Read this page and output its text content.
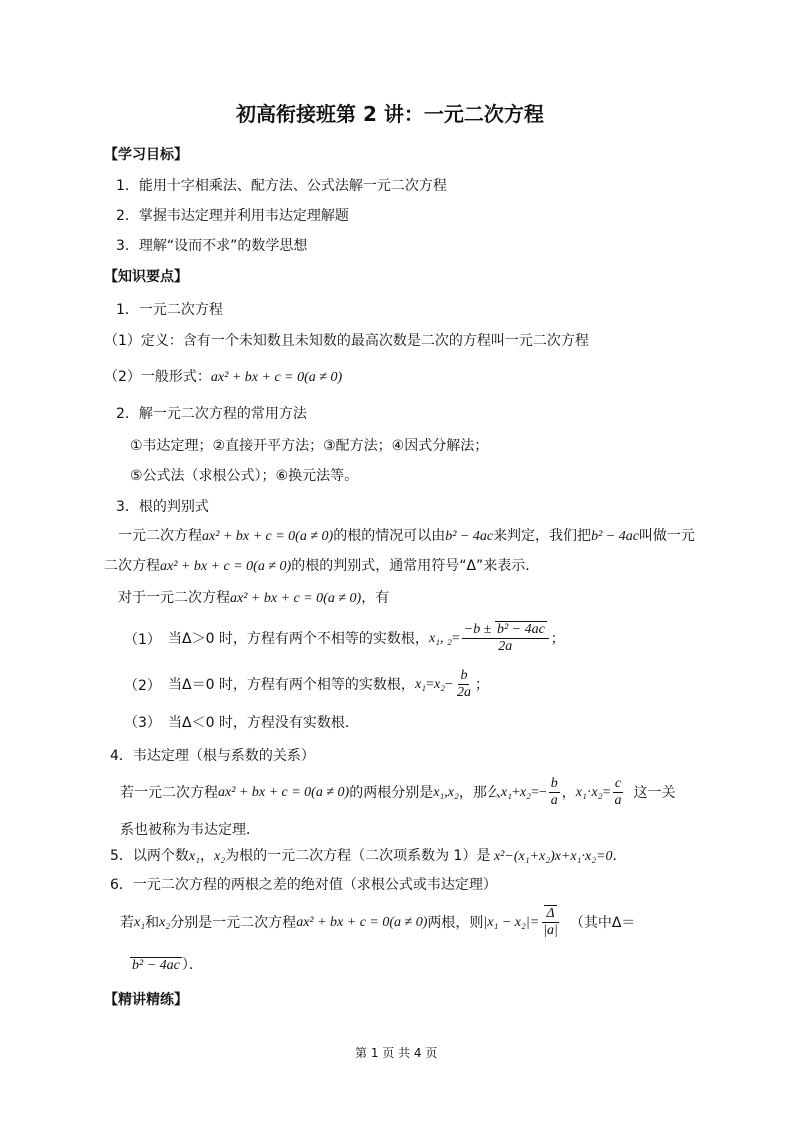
初高衔接班第 2 讲：一元二次方程
【学习目标】
1．能用十字相乘法、配方法、公式法解一元二次方程
2．掌握韦达定理并利用韦达定理解题
3．理解“设而不求”的数学思想
【知识要点】
1．一元二次方程
（1）定义：含有一个未知数且未知数的最高次数是二次的方程叫一元二次方程
（2）一般形式：ax² + bx + c = 0(a ≠ 0)
2．解一元二次方程的常用方法
①韦达定理；②直接开平方法；③配方法；④因式分解法；
⑤公式法（求根公式）；⑥换元法等。
3．根的判别式
一元二次方程ax² + bx + c = 0(a ≠ 0)的根的情况可以由b² − 4ac来判定，我们把b² − 4ac叫做一元
二次方程ax² + bx + c = 0(a ≠ 0)的根的判别式，通常用符号“Δ”来表示．
对于一元二次方程ax² + bx + c = 0(a ≠ 0)，有
（1） 当Δ＞0 时，方程有两个不相等的实数根， x₁, $_2 = \frac{\text{−b ± b² − 4ac}}{2a}$ ；
（2） 当Δ＝0 时，方程有两个相等的实数根， $x_1 = x_2 - \frac{b}{2a}$ ；
（3） 当Δ＜0 时，方程没有实数根．
4．韦达定理（根与系数的关系）
若一元二次方程 ax² + bx + c = 0(a ≠ 0) 的两根分别是 x₁,x₂ ，那么 $x_1 + x_2 =- \frac{b}{a}$ ， $x_1 \cdot x_2 = \frac{c}{a}$ 这一关
系也被称为韦达定理．
5．以两个数x₁，x₂为根的一元二次方程（二次项系数为 1）是 x²−(x₁+x₂)x+x₁·x₂=0．
6．一元二次方程的两根之差的绝对值（求根公式或韦达定理）
若 x₁ 和 x₂ 分别是一元二次方程 ax² + bx + c = 0(a ≠ 0) 两根，则 $|x_1 - x_2|= \frac{\Delta}{|a|}$ （其中Δ＝
b² − 4ac ）．
【精讲精练】
第 1 页 共 4 页
